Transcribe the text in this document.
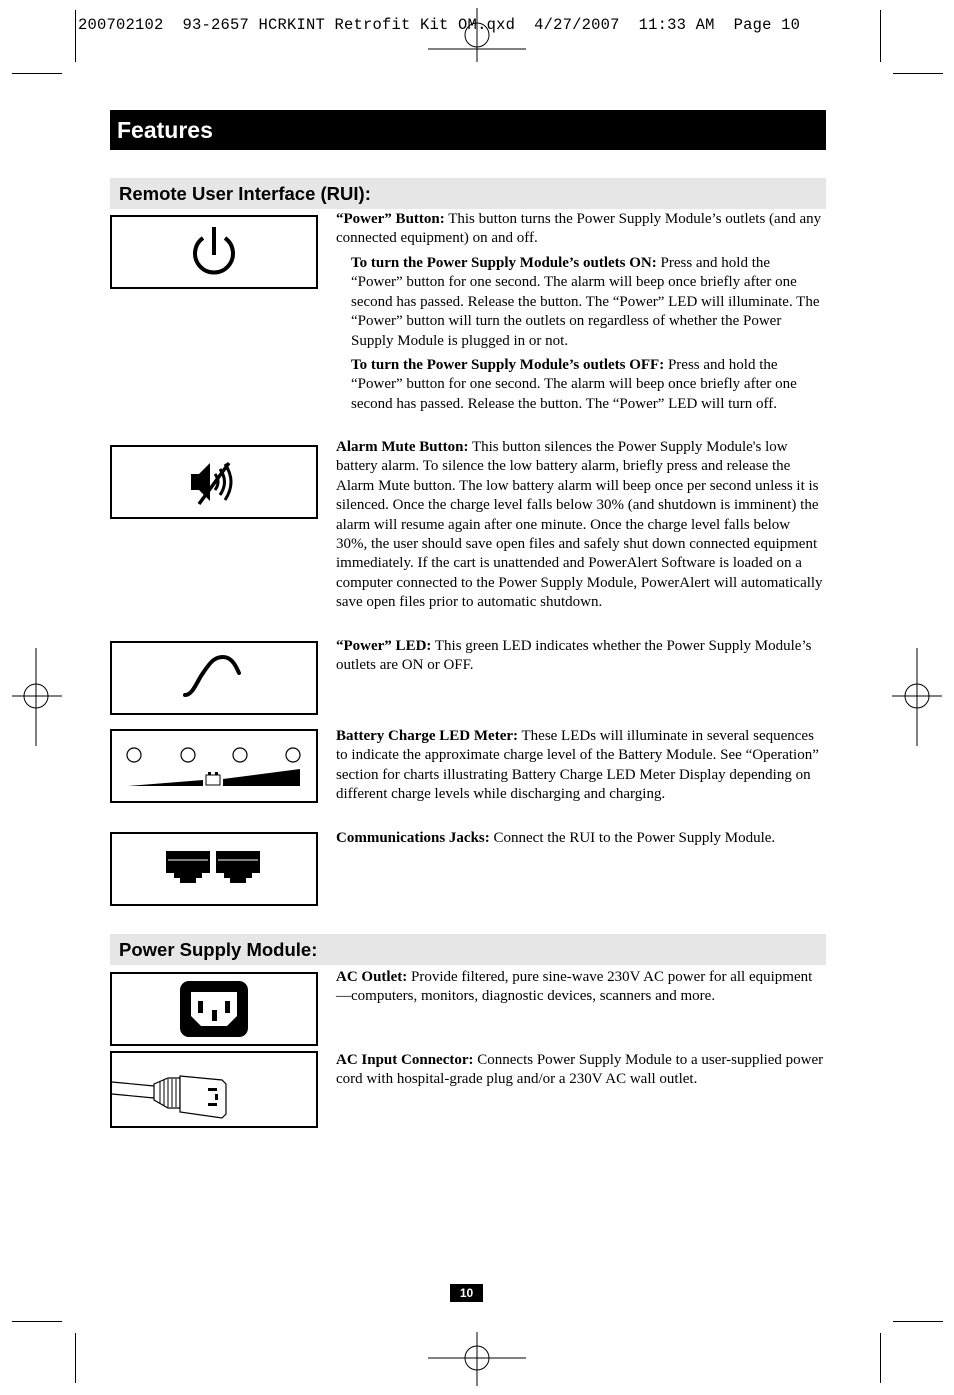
200702102  93-2657 HCRKINT Retrofit Kit OM.qxd  4/27/2007  11:33 AM  Page 10
Features
Remote User Interface (RUI):

“Power” Button: This button turns the Power Supply Module’s outlets (and any connected equipment) on and off.

To turn the Power Supply Module’s outlets ON: Press and hold the “Power” button for one second. The alarm will beep once briefly after one second has passed. Release the button. The “Power” LED will illuminate. The “Power” button will turn the outlets on regardless of whether the Power Supply Module is plugged in or not.

To turn the Power Supply Module’s outlets OFF: Press and hold the “Power” button for one second. The alarm will beep once briefly after one second has passed. Release the button. The “Power” LED will turn off.

Alarm Mute Button: This button silences the Power Supply Module's low battery alarm. To silence the low battery alarm, briefly press and release the Alarm Mute button. The low battery alarm will beep once per second unless it is silenced. Once the charge level falls below 30% (and shutdown is imminent) the alarm will resume again after one minute. Once the charge level falls below 30%, the user should save open files and safely shut down connected equipment immediately. If the cart is unattended and PowerAlert Software is loaded on a computer connected to the Power Supply Module, PowerAlert will automatically save open files prior to automatic shutdown.

“Power” LED: This green LED indicates whether the Power Supply Module’s outlets are ON or OFF.

Battery Charge LED Meter: These LEDs will illuminate in several sequences to indicate the approximate charge level of the Battery Module. See “Operation” section for charts illustrating Battery Charge LED Meter Display depending on different charge levels while discharging and charging.

Communications Jacks: Connect the RUI to the Power Supply Module.

Power Supply Module:

AC Outlet: Provide filtered, pure sine-wave 230V AC power for all equipment—computers, monitors, diagnostic devices, scanners and more.

AC Input Connector: Connects Power Supply Module to a user-supplied power cord with hospital-grade plug and/or a 230V AC wall outlet.

10
